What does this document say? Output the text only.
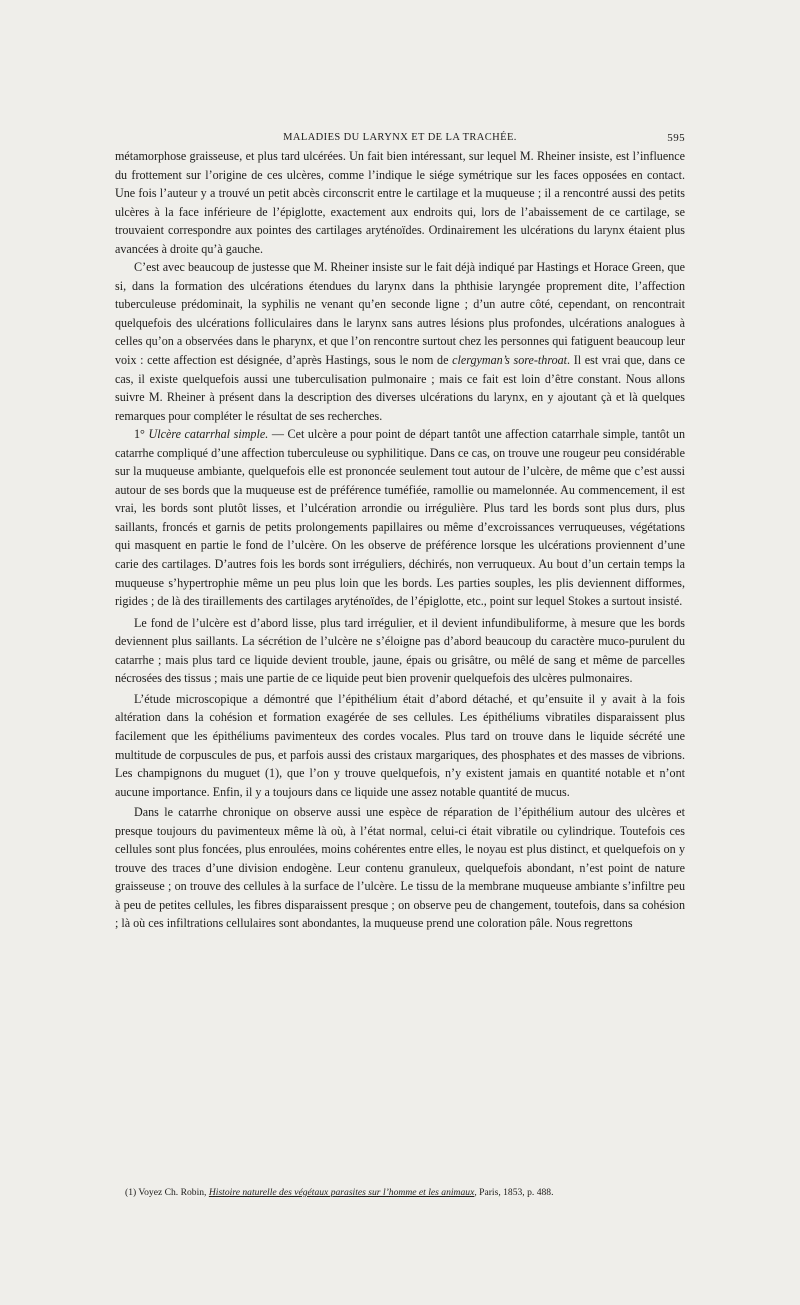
MALADIES DU LARYNX ET DE LA TRACHÉE.	595

métamorphose graisseuse, et plus tard ulcérées. Un fait bien intéressant, sur lequel M. Rheiner insiste, est l’influence du frottement sur l’origine de ces ulcères, comme l’indique le siége symétrique sur les faces opposées en contact. Une fois l’auteur y a trouvé un petit abcès circonscrit entre le cartilage et la muqueuse ; il a rencontré aussi des petits ulcères à la face inférieure de l’épiglotte, exactement aux endroits qui, lors de l’abaissement de ce cartilage, se trouvaient correspondre aux pointes des cartilages aryténoïdes. Ordinairement les ulcérations du larynx étaient plus avancées à droite qu’à gauche.

C’est avec beaucoup de justesse que M. Rheiner insiste sur le fait déjà indiqué par Hastings et Horace Green, que si, dans la formation des ulcérations étendues du larynx dans la phthisie laryngée proprement dite, l’affection tuberculeuse prédominait, la syphilis ne venant qu’en seconde ligne ; d’un autre côté, cependant, on rencontrait quelquefois des ulcérations folliculaires dans le larynx sans autres lésions plus profondes, ulcérations analogues à celles qu’on a observées dans le pharynx, et que l’on rencontre surtout chez les personnes qui fatiguent beaucoup leur voix : cette affection est désignée, d’après Hastings, sous le nom de clergyman’s sore-throat. Il est vrai que, dans ce cas, il existe quelquefois aussi une tuberculisation pulmonaire ; mais ce fait est loin d’être constant. Nous allons suivre M. Rheiner à présent dans la description des diverses ulcérations du larynx, en y ajoutant çà et là quelques remarques pour compléter le résultat de ses recherches.

1° Ulcère catarrhal simple. — Cet ulcère a pour point de départ tantôt une affection catarrhale simple, tantôt un catarrhe compliqué d’une affection tuberculeuse ou syphilitique. Dans ce cas, on trouve une rougeur peu considérable sur la muqueuse ambiante, quelquefois elle est prononcée seulement tout autour de l’ulcère, de même que c’est aussi autour de ses bords que la muqueuse est de préférence tuméfiée, ramollie ou mamelonnée. Au commencement, il est vrai, les bords sont plutôt lisses, et l’ulcération arrondie ou irrégulière. Plus tard les bords sont plus durs, plus saillants, froncés et garnis de petits prolongements papillaires ou même d’excroissances verruqueuses, végétations qui masquent en partie le fond de l’ulcère. On les observe de préférence lorsque les ulcérations proviennent d’une carie des cartilages. D’autres fois les bords sont irréguliers, déchirés, non verruqueux. Au bout d’un certain temps la muqueuse s’hypertrophie même un peu plus loin que les bords. Les parties souples, les plis deviennent difformes, rigides ; de là des tiraillements des cartilages aryténoïdes, de l’épiglotte, etc., point sur lequel Stokes a surtout insisté.

Le fond de l’ulcère est d’abord lisse, plus tard irrégulier, et il devient infundibuliforme, à mesure que les bords deviennent plus saillants. La sécrétion de l’ulcère ne s’éloigne pas d’abord beaucoup du caractère muco-purulent du catarrhe ; mais plus tard ce liquide devient trouble, jaune, épais ou grisâtre, ou mêlé de sang et même de parcelles nécrosées des tissus ; mais une partie de ce liquide peut bien provenir quelquefois des ulcères pulmonaires.

L’étude microscopique a démontré que l’épithélium était d’abord détaché, et qu’ensuite il y avait à la fois altération dans la cohésion et formation exagérée de ses cellules. Les épithéliums vibratiles disparaissent plus facilement que les épithéliums pavimenteux des cordes vocales. Plus tard on trouve dans le liquide sécrété une multitude de corpuscules de pus, et parfois aussi des cristaux margariques, des phosphates et des masses de vibrions. Les champignons du muguet (1), que l’on y trouve quelquefois, n’y existent jamais en quantité notable et n’ont aucune importance. Enfin, il y a toujours dans ce liquide une assez notable quantité de mucus.

Dans le catarrhe chronique on observe aussi une espèce de réparation de l’épithélium autour des ulcères et presque toujours du pavimenteux même là où, à l’état normal, celui-ci était vibratile ou cylindrique. Toutefois ces cellules sont plus foncées, plus enroulées, moins cohérentes entre elles, le noyau est plus distinct, et quelquefois on y trouve des traces d’une division endogène. Leur contenu granuleux, quelquefois abondant, n’est point de nature graisseuse ; on trouve des cellules à la surface de l’ulcère. Le tissu de la membrane muqueuse ambiante s’infiltre peu à peu de petites cellules, les fibres disparaissent presque ; on observe peu de changement, toutefois, dans sa cohésion ; là où ces infiltrations cellulaires sont abondantes, la muqueuse prend une coloration pâle. Nous regrettons

(1) Voyez Ch. Robin, Histoire naturelle des végétaux parasites sur l’homme et les animaux, Paris, 1853, p. 488.
